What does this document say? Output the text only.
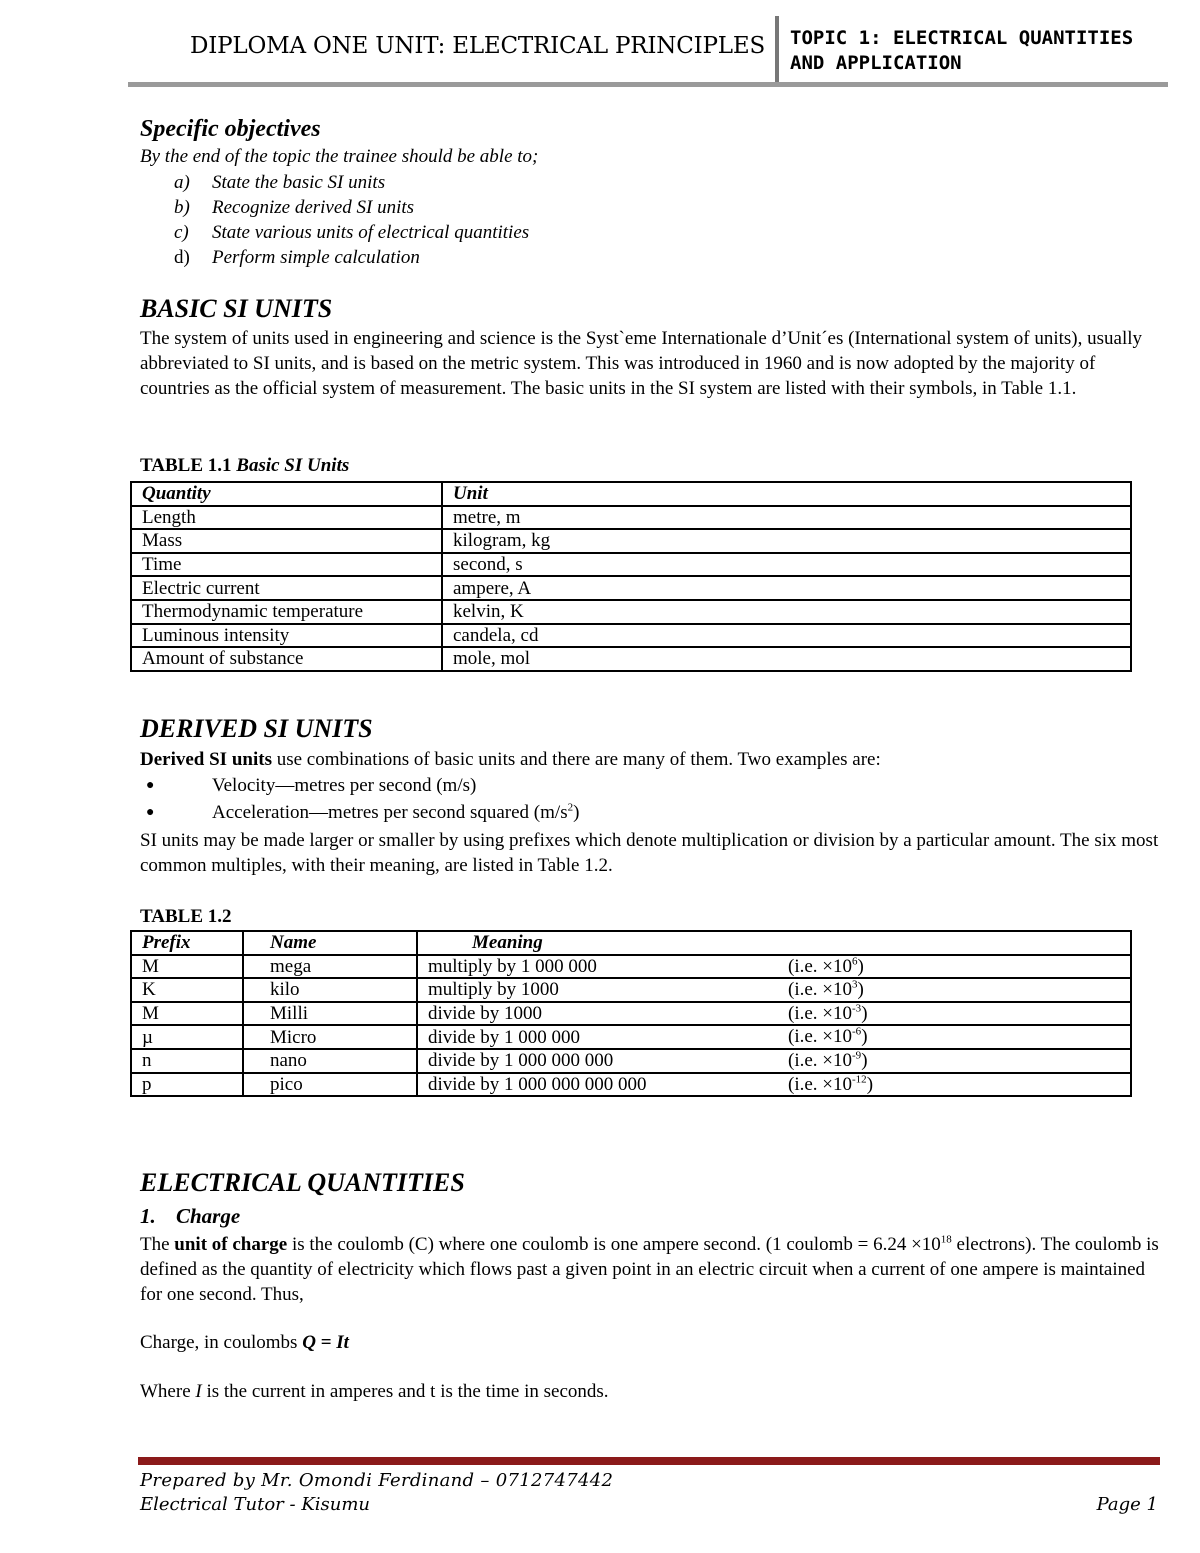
DIPLOMA ONE UNIT: ELECTRICAL PRINCIPLES	TOPIC 1: ELECTRICAL QUANTITIES
AND APPLICATION
Specific objectives
By the end of the topic the trainee should be able to;
a)	State the basic SI units
b)	Recognize derived SI units
c)	State various units of electrical quantities
d)	Perform simple calculation
BASIC SI UNITS
The system of units used in engineering and science is the Syst`eme Internationale d’Unit´es (International system of units), usually abbreviated to SI units, and is based on the metric system. This was introduced in 1960 and is now adopted by the majority of countries as the official system of measurement. The basic units in the SI system are listed with their symbols, in Table 1.1.
TABLE 1.1 Basic SI Units
Quantity	Unit
Length	metre, m
Mass	kilogram, kg
Time	second, s
Electric current	ampere, A
Thermodynamic temperature	kelvin, K
Luminous intensity	candela, cd
Amount of substance	mole, mol
DERIVED SI UNITS
Derived SI units use combinations of basic units and there are many of them. Two examples are:
●	Velocity—metres per second (m/s)
●	Acceleration—metres per second squared $(m/s^2)$
SI units may be made larger or smaller by using prefixes which denote multiplication or division by a particular amount. The six most common multiples, with their meaning, are listed in Table 1.2.
TABLE 1.2
Prefix	Name	Meaning
M	mega	multiply by 1 000 000 (i.e. $\times 10^6$)

K	kilo	multiply by 1000 (i.e. $\times 10^3$)

M	Milli	divide by 1000 (i.e. $\times 10^{-3}$)

µ	Micro	divide by 1 000 000 (i.e. $\times 10^{-6}$)

n	nano	divide by 1 000 000 000 (i.e. $\times 10^{-9}$)

p	pico	divide by 1 000 000 000 000 (i.e. $\times 10^{-12}$)
ELECTRICAL QUANTITIES
1. Charge
The unit of charge is the coulomb (C) where one coulomb is one ampere second. (1 coulomb = $6.24 \times 10^{18}$ electrons). The coulomb is defined as the quantity of electricity which flows past a given point in an electric circuit when a current of one ampere is maintained for one second. Thus,
Charge, in coulombs Q = It
Where I is the current in amperes and t is the time in seconds.
Prepared by Mr. Omondi Ferdinand – 0712747442
Electrical Tutor - Kisumu	Page 1
